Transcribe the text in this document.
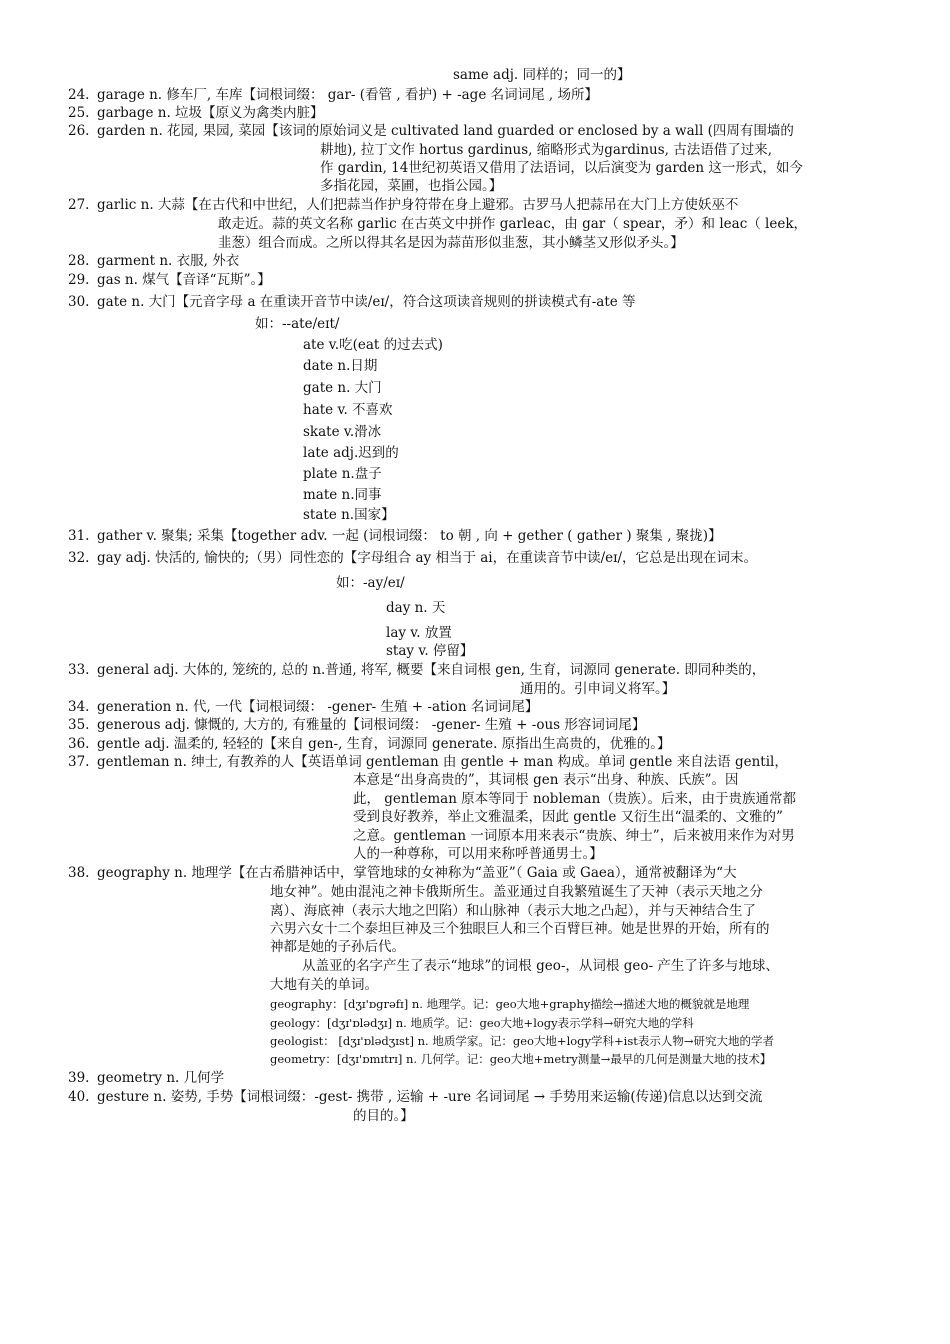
same adj. 同样的；同一的】
24. garage n. 修车厂, 车库【词根词缀： gar- (看管 , 看护) + -age 名词词尾 , 场所】
25. garbage n. 垃圾【原义为禽类内脏】
26. garden n. 花园, 果园, 菜园【该词的原始词义是 cultivated land guarded or enclosed by a wall (四周有围墙的
耕地), 拉丁文作 hortus gardinus, 缩略形式为gardinus, 古法语借了过来,
作 gardin, 14世纪初英语又借用了法语词，以后演变为 garden 这一形式，如今
多指花园，菜圃，也指公园。】
27. garlic n. 大蒜【在古代和中世纪，人们把蒜当作护身符带在身上避邪。古罗马人把蒜吊在大门上方使妖巫不
敢走近。蒜的英文名称 garlic 在古英文中拼作 garleac，由 gar（ spear，矛）和 leac（ leek，
韭葱）组合而成。之所以得其名是因为蒜苗形似韭葱，其小鳞茎又形似矛头。】
28. garment n. 衣服, 外衣
29. gas n. 煤气【音译“瓦斯”。】
30. gate n. 大门【元音字母 a 在重读开音节中读/eɪ/，符合这项读音规则的拼读模式有-ate 等
如：--ate/eɪt/
ate v.吃(eat 的过去式)
date n.日期
gate n. 大门
hate v. 不喜欢
skate v.滑冰
late adj.迟到的
plate n.盘子
mate n.同事
state n.国家】
31. gather v. 聚集; 采集【together adv. 一起 (词根词缀： to 朝 , 向 + gether ( gather ) 聚集 , 聚拢)】
32. gay adj. 快活的, 愉快的;（男）同性恋的【字母组合 ay 相当于 ai，在重读音节中读/eɪ/，它总是出现在词末。
如：-ay/eɪ/
day n. 天
lay v. 放置
stay v. 停留】
33. general adj. 大体的, 笼统的, 总的 n.普通, 将军, 概要【来自词根 gen, 生育，词源同 generate. 即同种类的，
通用的。引申词义将军。】
34. generation n. 代, 一代【词根词缀： -gener- 生殖 + -ation 名词词尾】
35. generous adj. 慷慨的, 大方的, 有雅量的【词根词缀： -gener- 生殖 + -ous 形容词词尾】
36. gentle adj. 温柔的, 轻轻的【来自 gen-, 生育，词源同 generate. 原指出生高贵的，优雅的。】
37. gentleman n. 绅士, 有教养的人【英语单词 gentleman 由 gentle + man 构成。单词 gentle 来自法语 gentil，
本意是“出身高贵的”，其词根 gen 表示“出身、种族、氏族”。因
此， gentleman 原本等同于 nobleman（贵族）。后来，由于贵族通常都
受到良好教养，举止文雅温柔，因此 gentle 又衍生出“温柔的、文雅的”
之意。gentleman 一词原本用来表示“贵族、绅士”，后来被用来作为对男
人的一种尊称，可以用来称呼普通男士。】
38. geography n. 地理学【在古希腊神话中，掌管地球的女神称为“盖亚”（ Gaia 或 Gaea），通常被翻译为“大
地女神”。她由混沌之神卡俄斯所生。盖亚通过自我繁殖诞生了天神（表示天地之分
离）、海底神（表示大地之凹陷）和山脉神（表示大地之凸起），并与天神结合生了
六男六女十二个泰坦巨神及三个独眼巨人和三个百臂巨神。她是世界的开始，所有的
神都是她的子孙后代。
从盖亚的名字产生了表示“地球”的词根 geo-，从词根 geo- 产生了许多与地球、
大地有关的单词。
geography：[dʒɪ'ɒgrəfɪ] n. 地理学。记：geo大地+graphy描绘→描述大地的概貌就是地理
geology：[dʒɪ'ɒlədʒɪ] n. 地质学。记：geo大地+logy表示学科→研究大地的学科
geologist： [dʒɪ'ɒlədʒɪst] n. 地质学家。记：geo大地+logy学科+ist表示人物→研究大地的学者
geometry：[dʒɪ'ɒmɪtrɪ] n. 几何学。记：geo大地+metry测量→最早的几何是测量大地的技术】
39. geometry n. 几何学
40. gesture n. 姿势, 手势【词根词缀：-gest- 携带 , 运输 + -ure 名词词尾 → 手势用来运输(传递)信息以达到交流
的目的。】
